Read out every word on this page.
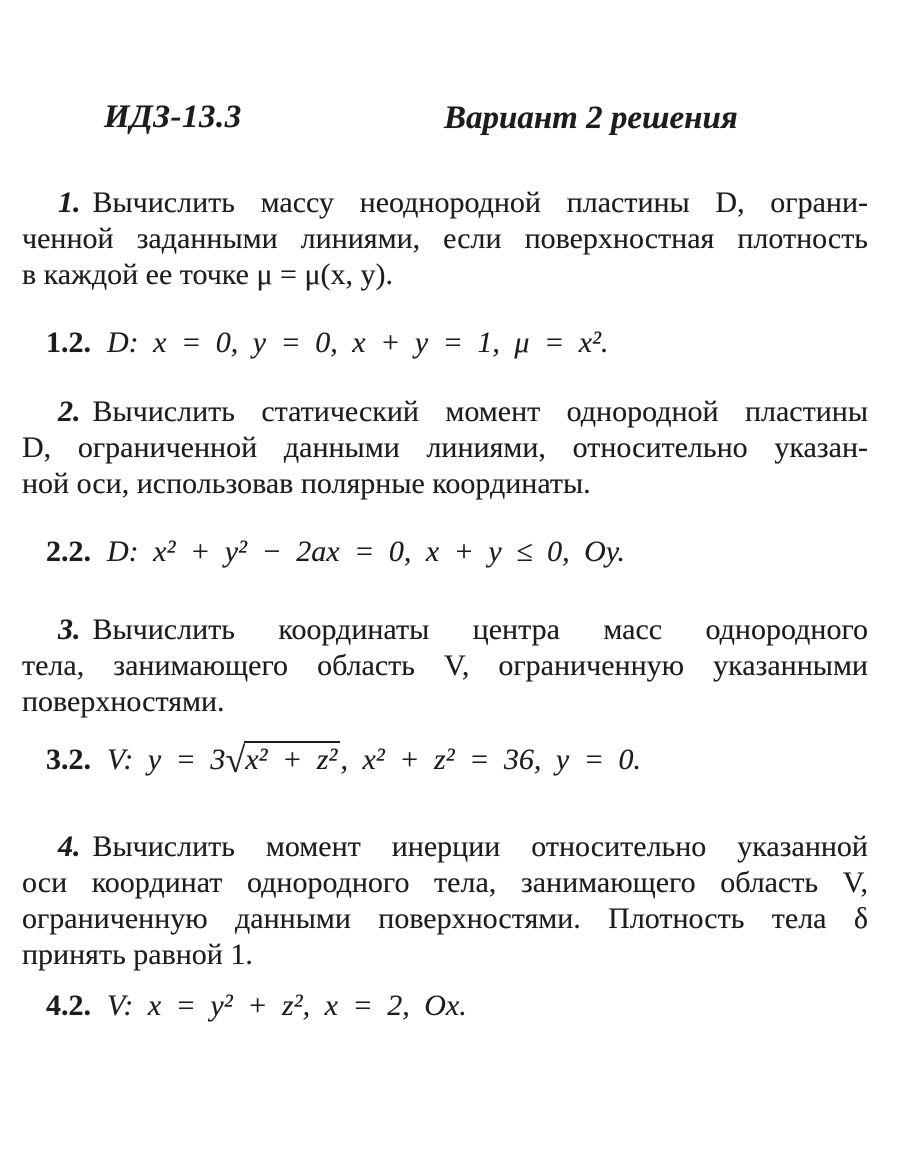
ИДЗ-13.3	Вариант 2 решения
1. Вычислить массу неоднородной пластины D, ограни-
ченной заданными линиями, если поверхностная плотность
в каждой ее точке μ = μ(x, y).
1.2. D: x = 0, y = 0, x + y = 1, μ = x².
2. Вычислить статический момент однородной пластины
D, ограниченной данными линиями, относительно указан-
ной оси, использовав полярные координаты.
2.2. D: x² + y² − 2ax = 0, x + y ≤ 0, Oy.
3. Вычислить координаты центра масс однородного
тела, занимающего область V, ограниченную указанными
поверхностями.
3.2. V: y = 3√x² + z² , x² + z² = 36, y = 0.
4. Вычислить момент инерции относительно указанной
оси координат однородного тела, занимающего область V,
ограниченную данными поверхностями. Плотность тела δ
принять равной 1.
4.2. V: x = y² + z², x = 2, Ox.
